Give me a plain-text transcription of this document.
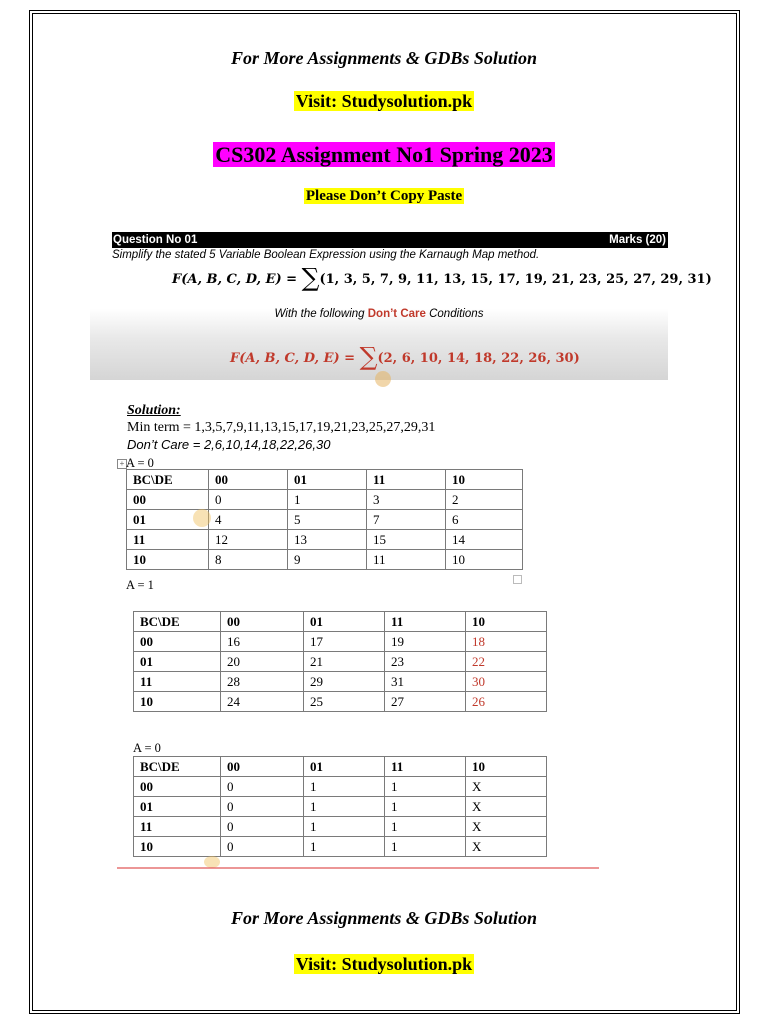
For More Assignments & GDBs Solution
Visit: Studysolution.pk
CS302 Assignment No1 Spring 2023
Please Don’t Copy Paste
Question No 01	Marks (20)
Simplify the stated 5 Variable Boolean Expression using the Karnaugh Map method.
F(A, B, C, D, E) = ∑(1, 3, 5, 7, 9, 11, 13, 15, 17, 19, 21, 23, 25, 27, 29, 31)
With the following Don’t Care Conditions
F(A, B, C, D, E) = ∑(2, 6, 10, 14, 18, 22, 26, 30)
Solution:
Min term = 1,3,5,7,9,11,13,15,17,19,21,23,25,27,29,31
Don’t Care = 2,6,10,14,18,22,26,30
+ A = 0
BC\DE	00	01	11	10
00	0	1	3	2
01	4	5	7	6
11	12	13	15	14
10	8	9	11	10
A = 1
BC\DE	00	01	11	10
00	16	17	19	18
01	20	21	23	22
11	28	29	31	30
10	24	25	27	26
A = 0
BC\DE	00	01	11	10
00	0	1	1	X
01	0	1	1	X
11	0	1	1	X
10	0	1	1	X
For More Assignments & GDBs Solution
Visit: Studysolution.pk
